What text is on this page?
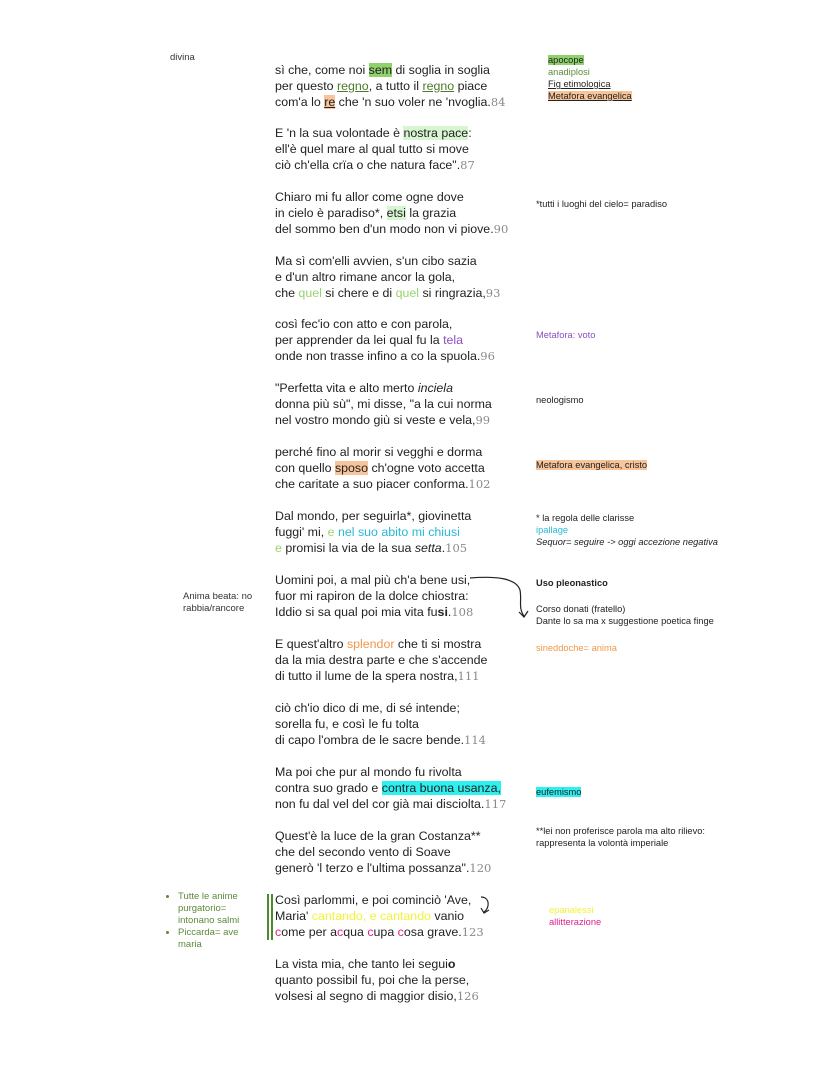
divina
sì che, come noi sem di soglia in soglia
per questo regno, a tutto il regno piace
com'a lo re che 'n suo voler ne 'nvoglia.84
E 'n la sua volontade è nostra pace:
ell'è quel mare al qual tutto si move
ciò ch'ella crïa o che natura face".87
Chiaro mi fu allor come ogne dove
in cielo è paradiso*, etsi la grazia
del sommo ben d'un modo non vi piove.90
Ma sì com'elli avvien, s'un cibo sazia
e d'un altro rimane ancor la gola,
che quel si chere e di quel si ringrazia,93
così fec'io con atto e con parola,
per apprender da lei qual fu la tela
onde non trasse infino a co la spuola.96
"Perfetta vita e alto merto inciela
donna più sù", mi disse, "a la cui norma
nel vostro mondo giù si veste e vela,99
perché fino al morir si vegghi e dorma
con quello sposo ch'ogne voto accetta
che caritate a suo piacer conforma.102
Dal mondo, per seguirla*, giovinetta
fuggi' mi, e nel suo abito mi chiusi
e promisi la via de la sua setta.105
Uomini poi, a mal più ch'a bene usi,
fuor mi rapiron de la dolce chiostra:
Iddio si sa qual poi mia vita fusi.108
E quest'altro splendor che ti si mostra
da la mia destra parte e che s'accende
di tutto il lume de la spera nostra,111
ciò ch'io dico di me, di sé intende;
sorella fu, e così le fu tolta
di capo l'ombra de le sacre bende.114
Ma poi che pur al mondo fu rivolta
contra suo grado e contra buona usanza,
non fu dal vel del cor già mai disciolta.117
Quest'è la luce de la gran Costanza**
che del secondo vento di Soave
generò 'l terzo e l'ultima possanza".120
Così parlommi, e poi cominciò 'Ave,
Maria' cantando, e cantando vanio
come per acqua cupa cosa grave.123
La vista mia, che tanto lei seguio
quanto possibil fu, poi che la perse,
volsesi al segno di maggior disio,126
apocope
anadiplosi
Fig etimologica
Metafora evangelica
*tutti i luoghi del cielo= paradiso
Metafora: voto
neologismo
Metafora evangelica, cristo
* la regola delle clarisse
ipallage
Sequor= seguire -> oggi accezione negativa
Uso pleonastico
Corso donati (fratello)
Dante lo sa ma x suggestione poetica finge
sineddoche= anima
eufemismo
**lei non proferisce parola ma alto rilievo:
rappresenta la volontà imperiale
epanalessi
allitterazione
Anima beata: no
rabbia/rancore
• Tutte le anime purgatorio= intonano salmi
• Piccarda= ave maria
